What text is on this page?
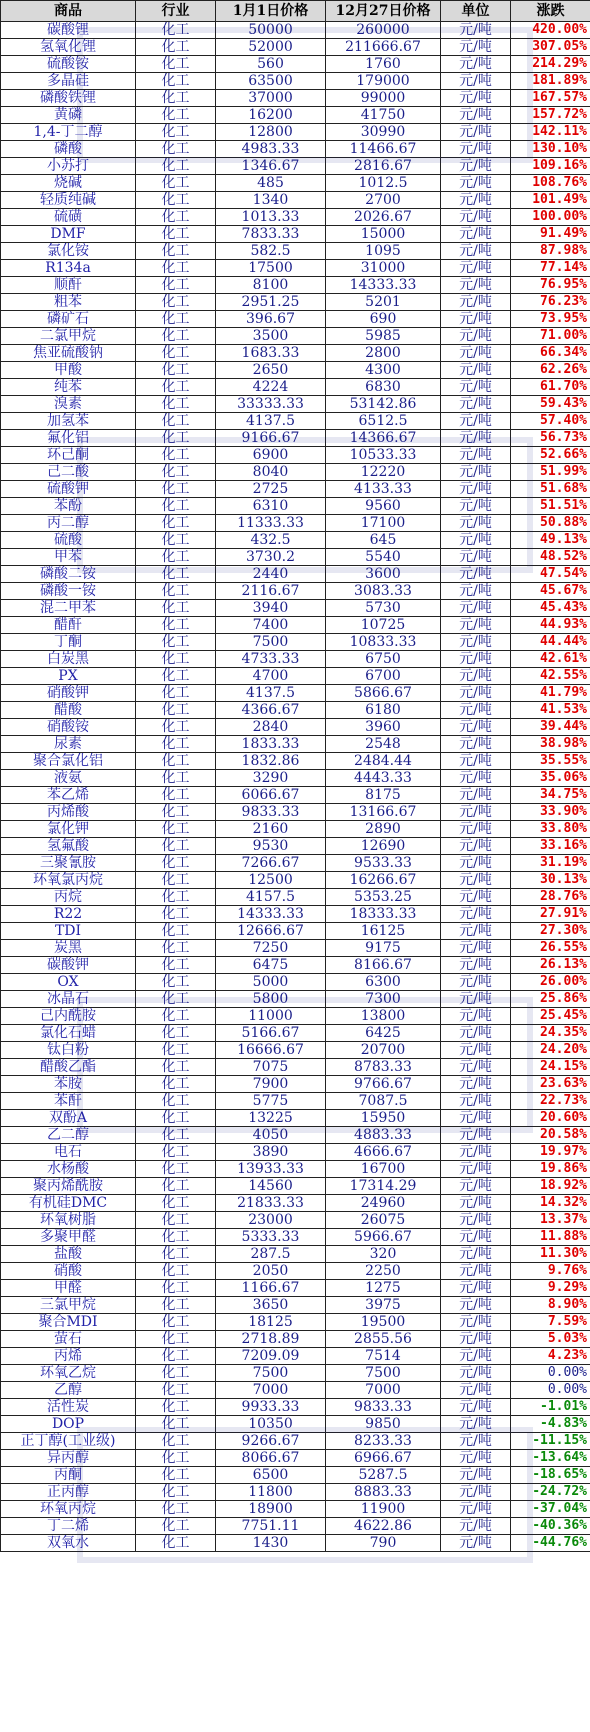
商品	行业	1月1日价格	12月27日价格	单位	涨跌
碳酸锂	化工	50000	260000	元/吨	420.00%
氢氧化锂	化工	52000	211666.67	元/吨	307.05%
硫酸铵	化工	560	1760	元/吨	214.29%
多晶硅	化工	63500	179000	元/吨	181.89%
磷酸铁锂	化工	37000	99000	元/吨	167.57%
黄磷	化工	16200	41750	元/吨	157.72%
1,4-丁二醇	化工	12800	30990	元/吨	142.11%
磷酸	化工	4983.33	11466.67	元/吨	130.10%
小苏打	化工	1346.67	2816.67	元/吨	109.16%
烧碱	化工	485	1012.5	元/吨	108.76%
轻质纯碱	化工	1340	2700	元/吨	101.49%
硫磺	化工	1013.33	2026.67	元/吨	100.00%
DMF	化工	7833.33	15000	元/吨	91.49%
氯化铵	化工	582.5	1095	元/吨	87.98%
R134a	化工	17500	31000	元/吨	77.14%
顺酐	化工	8100	14333.33	元/吨	76.95%
粗苯	化工	2951.25	5201	元/吨	76.23%
磷矿石	化工	396.67	690	元/吨	73.95%
二氯甲烷	化工	3500	5985	元/吨	71.00%
焦亚硫酸钠	化工	1683.33	2800	元/吨	66.34%
甲酸	化工	2650	4300	元/吨	62.26%
纯苯	化工	4224	6830	元/吨	61.70%
溴素	化工	33333.33	53142.86	元/吨	59.43%
加氢苯	化工	4137.5	6512.5	元/吨	57.40%
氟化铝	化工	9166.67	14366.67	元/吨	56.73%
环己酮	化工	6900	10533.33	元/吨	52.66%
己二酸	化工	8040	12220	元/吨	51.99%
硫酸钾	化工	2725	4133.33	元/吨	51.68%
苯酚	化工	6310	9560	元/吨	51.51%
丙二醇	化工	11333.33	17100	元/吨	50.88%
硫酸	化工	432.5	645	元/吨	49.13%
甲苯	化工	3730.2	5540	元/吨	48.52%
磷酸二铵	化工	2440	3600	元/吨	47.54%
磷酸一铵	化工	2116.67	3083.33	元/吨	45.67%
混二甲苯	化工	3940	5730	元/吨	45.43%
醋酐	化工	7400	10725	元/吨	44.93%
丁酮	化工	7500	10833.33	元/吨	44.44%
白炭黑	化工	4733.33	6750	元/吨	42.61%
PX	化工	4700	6700	元/吨	42.55%
硝酸钾	化工	4137.5	5866.67	元/吨	41.79%
醋酸	化工	4366.67	6180	元/吨	41.53%
硝酸铵	化工	2840	3960	元/吨	39.44%
尿素	化工	1833.33	2548	元/吨	38.98%
聚合氯化铝	化工	1832.86	2484.44	元/吨	35.55%
液氨	化工	3290	4443.33	元/吨	35.06%
苯乙烯	化工	6066.67	8175	元/吨	34.75%
丙烯酸	化工	9833.33	13166.67	元/吨	33.90%
氯化钾	化工	2160	2890	元/吨	33.80%
氢氟酸	化工	9530	12690	元/吨	33.16%
三聚氰胺	化工	7266.67	9533.33	元/吨	31.19%
环氧氯丙烷	化工	12500	16266.67	元/吨	30.13%
丙烷	化工	4157.5	5353.25	元/吨	28.76%
R22	化工	14333.33	18333.33	元/吨	27.91%
TDI	化工	12666.67	16125	元/吨	27.30%
炭黑	化工	7250	9175	元/吨	26.55%
碳酸钾	化工	6475	8166.67	元/吨	26.13%
OX	化工	5000	6300	元/吨	26.00%
冰晶石	化工	5800	7300	元/吨	25.86%
己内酰胺	化工	11000	13800	元/吨	25.45%
氯化石蜡	化工	5166.67	6425	元/吨	24.35%
钛白粉	化工	16666.67	20700	元/吨	24.20%
醋酸乙酯	化工	7075	8783.33	元/吨	24.15%
苯胺	化工	7900	9766.67	元/吨	23.63%
苯酐	化工	5775	7087.5	元/吨	22.73%
双酚A	化工	13225	15950	元/吨	20.60%
乙二醇	化工	4050	4883.33	元/吨	20.58%
电石	化工	3890	4666.67	元/吨	19.97%
水杨酸	化工	13933.33	16700	元/吨	19.86%
聚丙烯酰胺	化工	14560	17314.29	元/吨	18.92%
有机硅DMC	化工	21833.33	24960	元/吨	14.32%
环氧树脂	化工	23000	26075	元/吨	13.37%
多聚甲醛	化工	5333.33	5966.67	元/吨	11.88%
盐酸	化工	287.5	320	元/吨	11.30%
硝酸	化工	2050	2250	元/吨	9.76%
甲醛	化工	1166.67	1275	元/吨	9.29%
三氯甲烷	化工	3650	3975	元/吨	8.90%
聚合MDI	化工	18125	19500	元/吨	7.59%
萤石	化工	2718.89	2855.56	元/吨	5.03%
丙烯	化工	7209.09	7514	元/吨	4.23%
环氧乙烷	化工	7500	7500	元/吨	0.00%
乙醇	化工	7000	7000	元/吨	0.00%
活性炭	化工	9933.33	9833.33	元/吨	-1.01%
DOP	化工	10350	9850	元/吨	-4.83%
正丁醇(工业级)	化工	9266.67	8233.33	元/吨	-11.15%
异丙醇	化工	8066.67	6966.67	元/吨	-13.64%
丙酮	化工	6500	5287.5	元/吨	-18.65%
正丙醇	化工	11800	8883.33	元/吨	-24.72%
环氧丙烷	化工	18900	11900	元/吨	-37.04%
丁二烯	化工	7751.11	4622.86	元/吨	-40.36%
双氧水	化工	1430	790	元/吨	-44.76%
